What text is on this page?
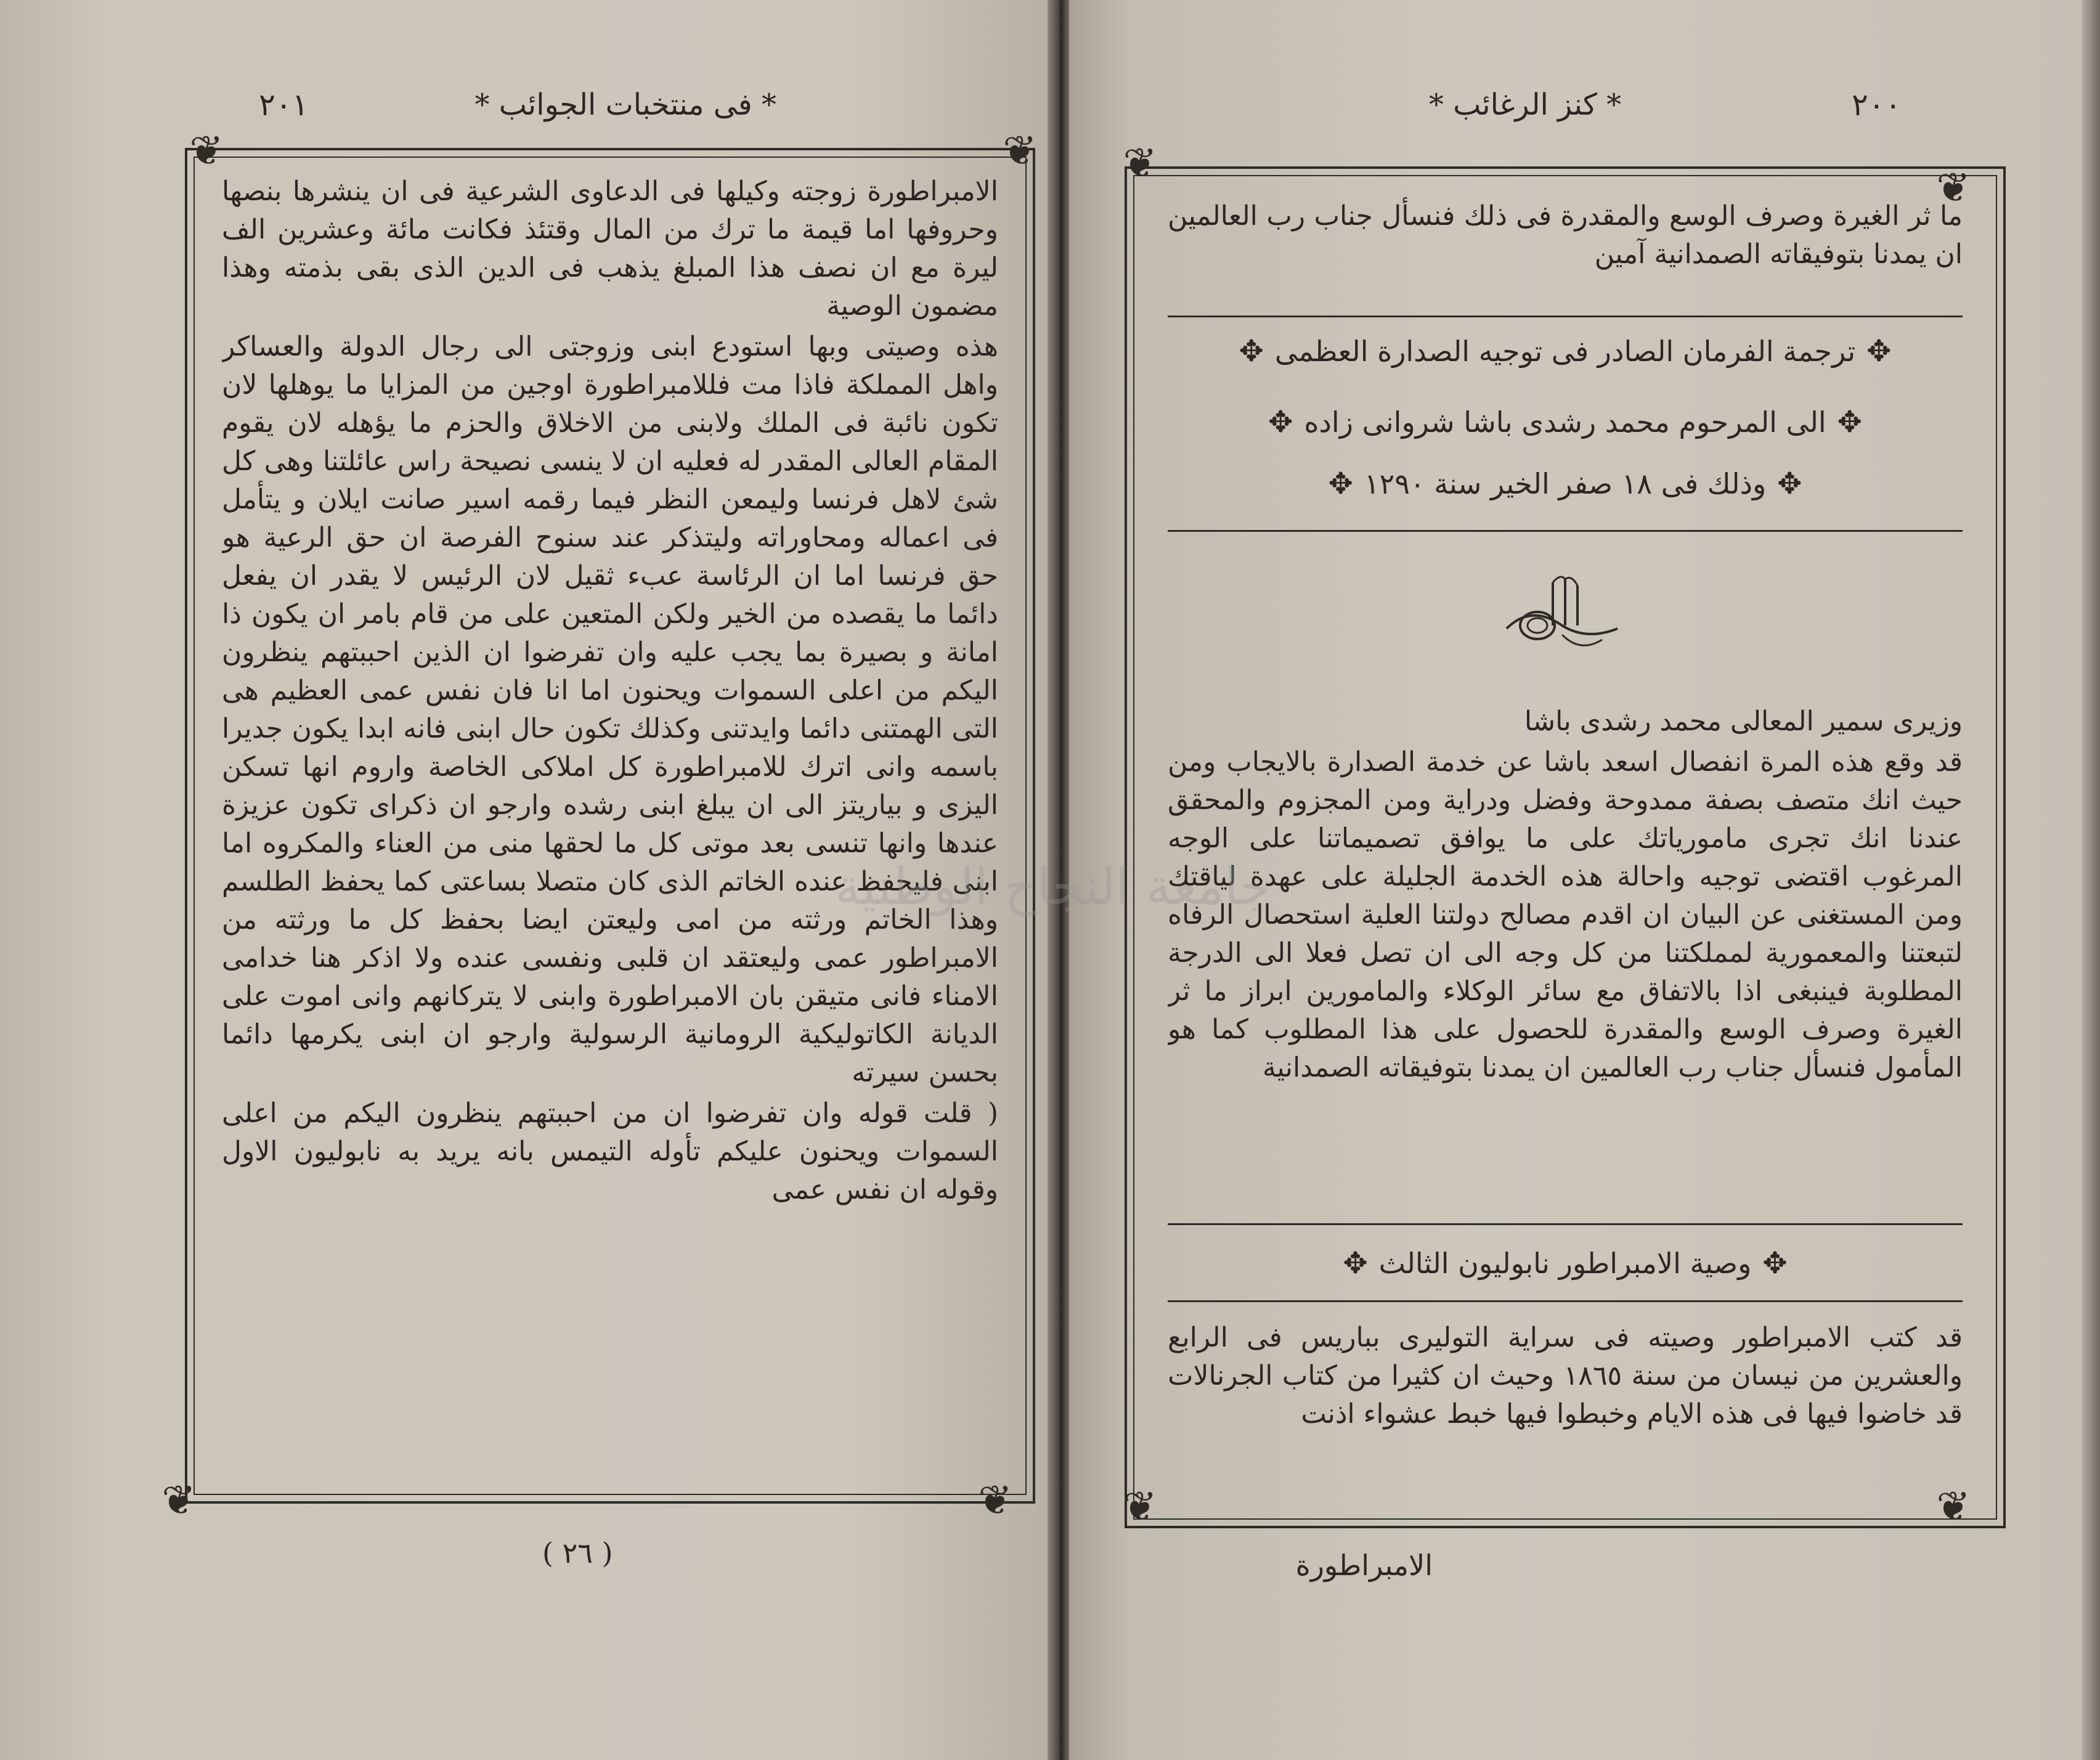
٢٠١	* فى منتخبات الجوائب *
❦	❦
❦	❦

الامبراطورة زوجته وكيلها فى الدعاوى الشرعية فى ان ينشرها بنصها وحروفها اما قيمة ما ترك من المال وقتئذ فكانت مائة وعشرين الف ليرة مع ان نصف هذا المبلغ يذهب فى الدين الذى بقى بذمته وهذا مضمون الوصية

هذه وصيتى وبها استودع ابنى وزوجتى الى رجال الدولة والعساكر واهل المملكة فاذا مت فللامبراطورة اوجين من المزايا ما يوهلها لان تكون نائبة فى الملك ولابنى من الاخلاق والحزم ما يؤهله لان يقوم المقام العالى المقدر له فعليه ان لا ينسى نصيحة راس عائلتنا وهى كل شئ لاهل فرنسا وليمعن النظر فيما رقمه اسير صانت ايلان و يتأمل فى اعماله ومحاوراته وليتذكر عند سنوح الفرصة ان حق الرعية هو حق فرنسا اما ان الرئاسة عبء ثقيل لان الرئيس لا يقدر ان يفعل دائما ما يقصده من الخير ولكن المتعين على من قام بامر ان يكون ذا امانة و بصيرة بما يجب عليه وان تفرضوا ان الذين احببتهم ينظرون اليكم من اعلى السموات ويحنون اما انا فان نفس عمى العظيم هى التى الهمتنى دائما وايدتنى وكذلك تكون حال ابنى فانه ابدا يكون جديرا باسمه وانى اترك للامبراطورة كل املاكى الخاصة واروم انها تسكن اليزى و بياريتز الى ان يبلغ ابنى رشده وارجو ان ذكراى تكون عزيزة عندها وانها تنسى بعد موتى كل ما لحقها منى من العناء والمكروه اما ابنى فليحفظ عنده الخاتم الذى كان متصلا بساعتى كما يحفظ الطلسم وهذا الخاتم ورثته من امى وليعتن ايضا بحفظ كل ما ورثته من الامبراطور عمى وليعتقد ان قلبى ونفسى عنده ولا اذكر هنا خدامى الامناء فانى متيقن بان الامبراطورة وابنى لا يتركانهم وانى اموت على الديانة الكاتوليكية الرومانية الرسولية وارجو ان ابنى يكرمها دائما بحسن سيرته

( قلت قوله وان تفرضوا ان من احببتهم ينظرون اليكم من اعلى السموات ويحنون عليكم تأوله التيمس بانه يريد به نابوليون الاول وقوله ان نفس عمى

( ٢٦ )
٢٠٠
* كنز الرغائب *
❦
❦
❦	❦

ما ثر الغيرة وصرف الوسع والمقدرة فى ذلك فنسأل جناب رب العالمين ان يمدنا بتوفيقاته الصمدانية آمين

✥ترجمة الفرمان الصادر فى توجيه الصدارة العظمى✥
✥الى المرحوم محمد رشدى باشا شروانى زاده✥
✥وذلك فى ١٨ صفر الخير سنة ١٢٩٠✥

وزيرى سمير المعالى محمد رشدى باشا

قد وقع هذه المرة انفصال اسعد باشا عن خدمة الصدارة بالايجاب ومن حيث انك متصف بصفة ممدوحة وفضل ودراية ومن المجزوم والمحقق عندنا انك تجرى مامورياتك على ما يوافق تصميماتنا على الوجه المرغوب اقتضى توجيه واحالة هذه الخدمة الجليلة على عهدة لياقتك ومن المستغنى عن البيان ان اقدم مصالح دولتنا العلية استحصال الرفاه لتبعتنا والمعمورية لمملكتنا من كل وجه الى ان تصل فعلا الى الدرجة المطلوبة فينبغى اذا بالاتفاق مع سائر الوكلاء والمامورين ابراز ما ثر الغيرة وصرف الوسع والمقدرة للحصول على هذا المطلوب كما هو المأمول فنسأل جناب رب العالمين ان يمدنا بتوفيقاته الصمدانية

✥وصية الامبراطور نابوليون الثالث✥

قد كتب الامبراطور وصيته فى سراية التوليرى بباريس فى الرابع والعشرين من نيسان من سنة ١٨٦٥ وحيث ان كثيرا من كتاب الجرنالات قد خاضوا فيها فى هذه الايام وخبطوا فيها خبط عشواء اذنت

الامبراطورة
جامعة النجاح الوطنية
